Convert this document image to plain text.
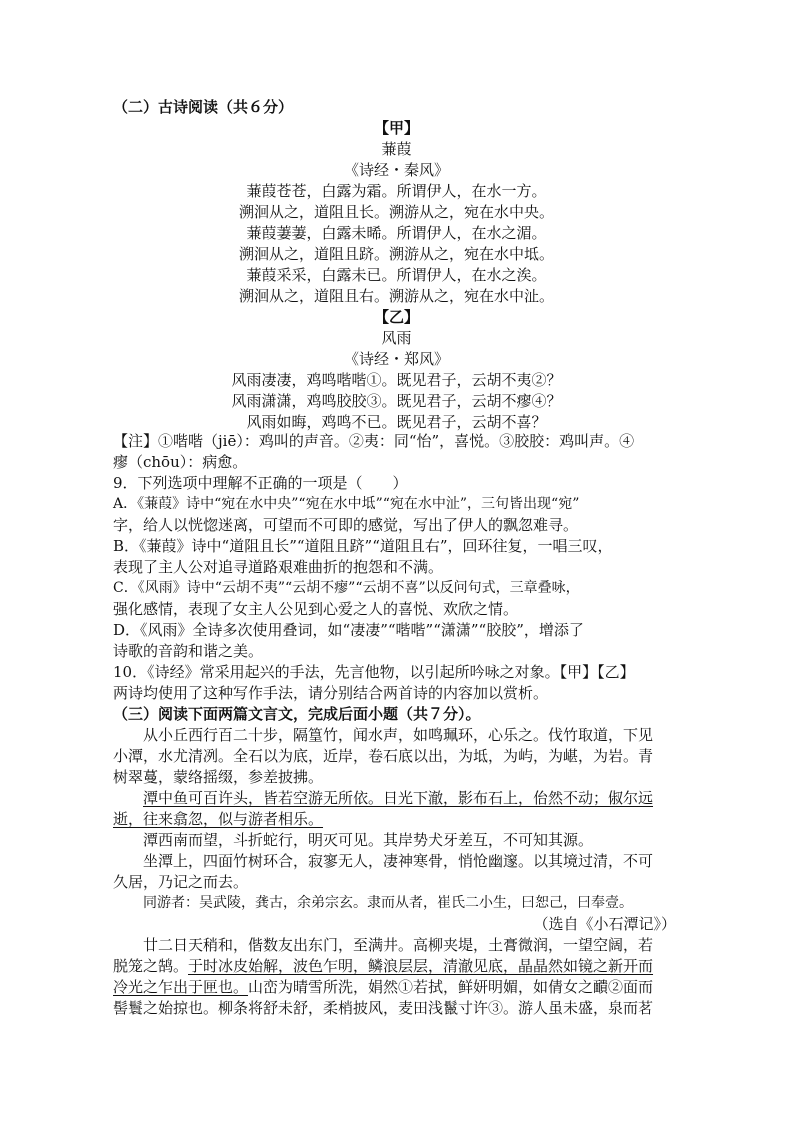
（二）古诗阅读（共６分）
【甲】
蒹葭
《诗经・秦风》
蒹葭苍苍，白露为霜。所谓伊人，在水一方。
溯洄从之，道阻且长。溯游从之，宛在水中央。
蒹葭萋萋，白露未晞。所谓伊人，在水之湄。
溯洄从之，道阻且跻。溯游从之，宛在水中坻。
蒹葭采采，白露未已。所谓伊人，在水之涘。
溯洄从之，道阻且右。溯游从之，宛在水中沚。
【乙】
风雨
《诗经・郑风》
风雨凄凄，鸡鸣喈喈①。既见君子，云胡不夷②？
风雨潇潇，鸡鸣胶胶③。既见君子，云胡不瘳④？
风雨如晦，鸡鸣不已。既见君子，云胡不喜？
【注】①喈喈（jiē）：鸡叫的声音。②夷：同“怡”，喜悦。③胶胶：鸡叫声。④
瘳（chōu）：病愈。
9．下列选项中理解不正确的一项是（　　）
A．《蒹葭》诗中“宛在水中央”“宛在水中坻”“宛在水中沚”，三句皆出现“宛”
字，给人以恍惚迷离，可望而不可即的感觉，写出了伊人的飘忽难寻。
B．《蒹葭》诗中“道阻且长”“道阻且跻”“道阻且右”，回环往复，一唱三叹，
表现了主人公对追寻道路艰难曲折的抱怨和不满。
C．《风雨》诗中“云胡不夷”“云胡不瘳”“云胡不喜”以反问句式，三章叠咏，
强化感情，表现了女主人公见到心爱之人的喜悦、欢欣之情。
D．《风雨》全诗多次使用叠词，如“凄凄”“喈喈”“潇潇”“胶胶”，增添了
诗歌的音韵和谐之美。
10．《诗经》常采用起兴的手法，先言他物，以引起所吟咏之对象。【甲】【乙】
两诗均使用了这种写作手法，请分别结合两首诗的内容加以赏析。
（三）阅读下面两篇文言文，完成后面小题（共７分）。
从小丘西行百二十步，隔篁竹，闻水声，如鸣珮环，心乐之。伐竹取道，下见
小潭，水尤清冽。全石以为底，近岸，卷石底以出，为坻，为屿，为嵁，为岩。青
树翠蔓，蒙络摇缀，参差披拂。
潭中鱼可百许头，皆若空游无所依。日光下澈，影布石上，佁然不动；俶尔远
逝，往来翕忽，似与游者相乐。
潭西南而望，斗折蛇行，明灭可见。其岸势犬牙差互，不可知其源。
坐潭上，四面竹树环合，寂寥无人，凄神寒骨，悄怆幽邃。以其境过清，不可
久居，乃记之而去。
同游者：吴武陵，龚古，余弟宗玄。隶而从者，崔氏二小生，曰恕己，曰奉壹。
（选自《小石潭记》）
廿二日天稍和，偕数友出东门，至满井。高柳夹堤，土膏微润，一望空阔，若
脱笼之鹄。于时冰皮始解，波色乍明，鳞浪层层，清澈见底，晶晶然如镜之新开而
冷光之乍出于匣也。山峦为晴雪所洗，娟然①若拭，鲜妍明媚，如倩女之靧②面而
髻鬟之始掠也。柳条将舒未舒，柔梢披风，麦田浅鬣寸许③。游人虽未盛，泉而茗
